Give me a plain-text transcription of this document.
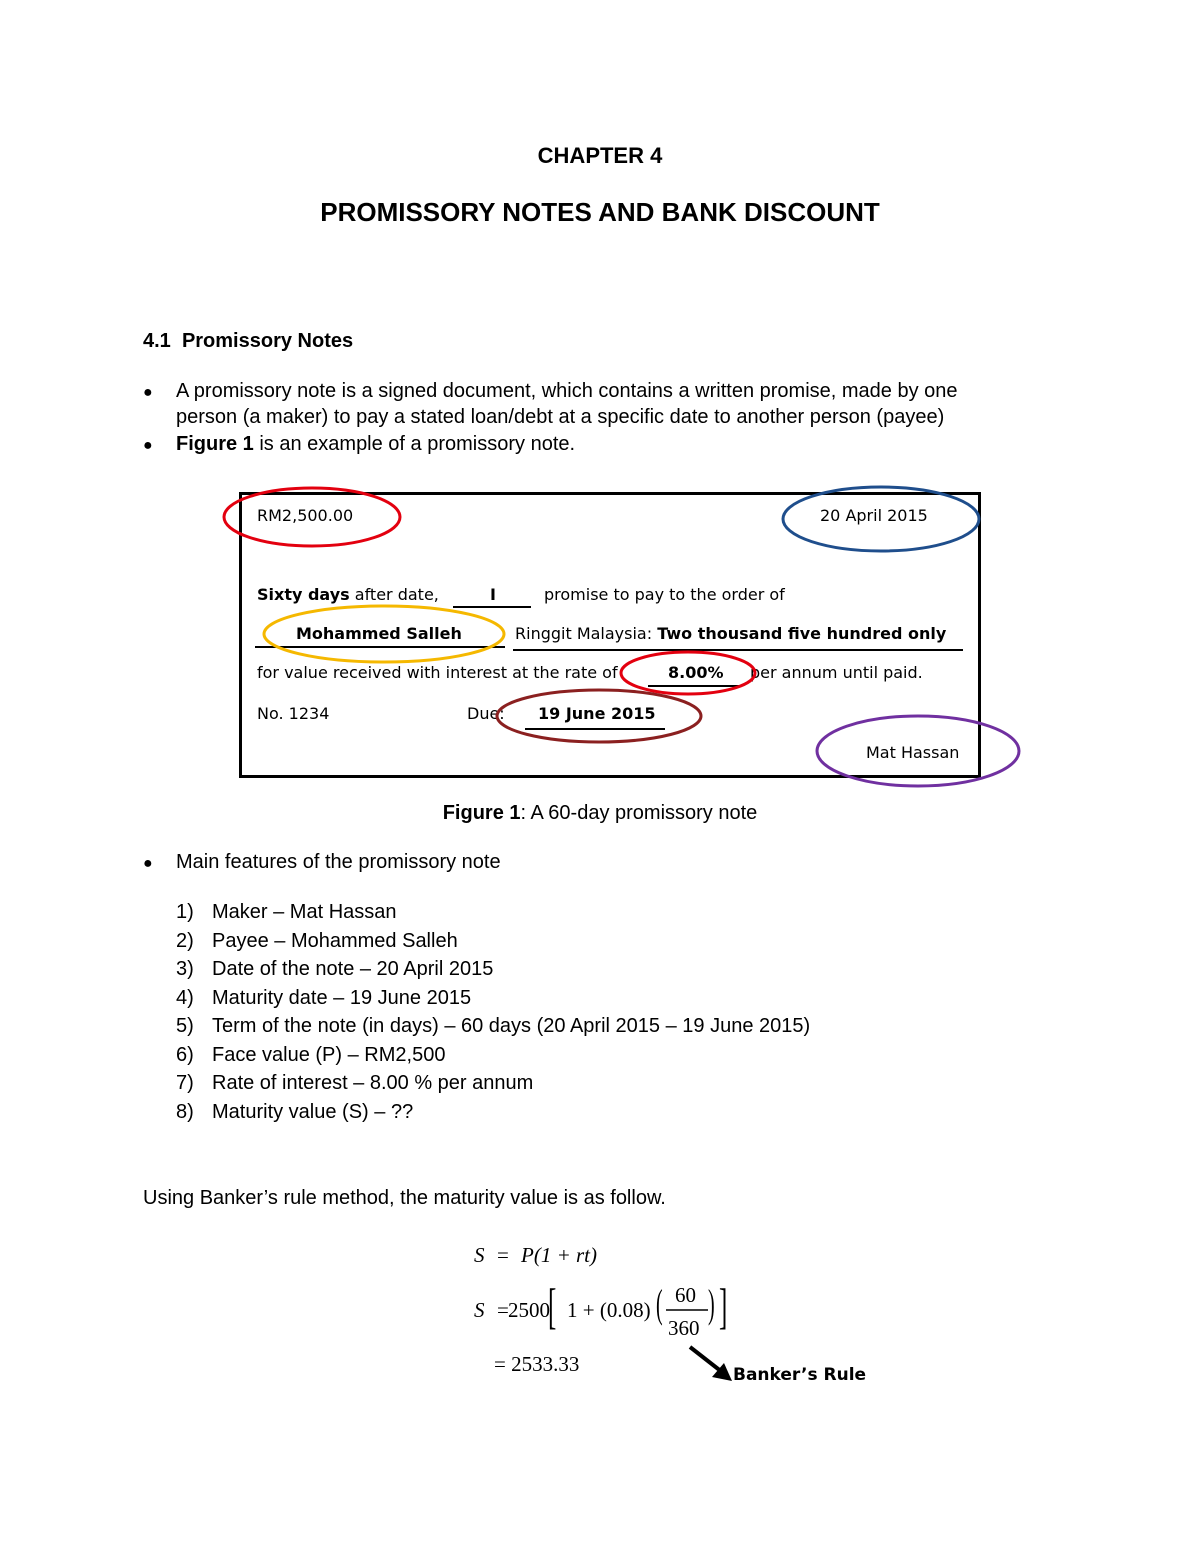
CHAPTER 4
PROMISSORY NOTES AND BANK DISCOUNT
4.1 Promissory Notes
● A promissory note is a signed document, which contains a written promise, made by one
person (a maker) to pay a stated loan/debt at a specific date to another person (payee)
● Figure 1 is an example of a promissory note.
RM2,500.00	20 April 2015
Sixty days after date,	I	promise to pay to the order of
Mohammed Salleh	Ringgit Malaysia: Two thousand five hundred only
for value received with interest at the rate of	8.00% per annum until paid.
No. 1234	Due: 19 June 2015
Mat Hassan
Figure 1: A 60-day promissory note
● Main features of the promissory note
1) Maker – Mat Hassan
2) Payee – Mohammed Salleh
3) Date of the note – 20 April 2015
4) Maturity date – 19 June 2015
5) Term of the note (in days) – 60 days (20 April 2015 – 19 June 2015)
6) Face value (P) – RM2,500
7) Rate of interest – 8.00 % per annum
8) Maturity value (S) – ??
Using Banker’s rule method, the maturity value is as follow.
S = P(1 + rt)
S = 2500
[ 1 + (0.08) ( 60
360
) ]
= 2533.33	Banker’s Rule
